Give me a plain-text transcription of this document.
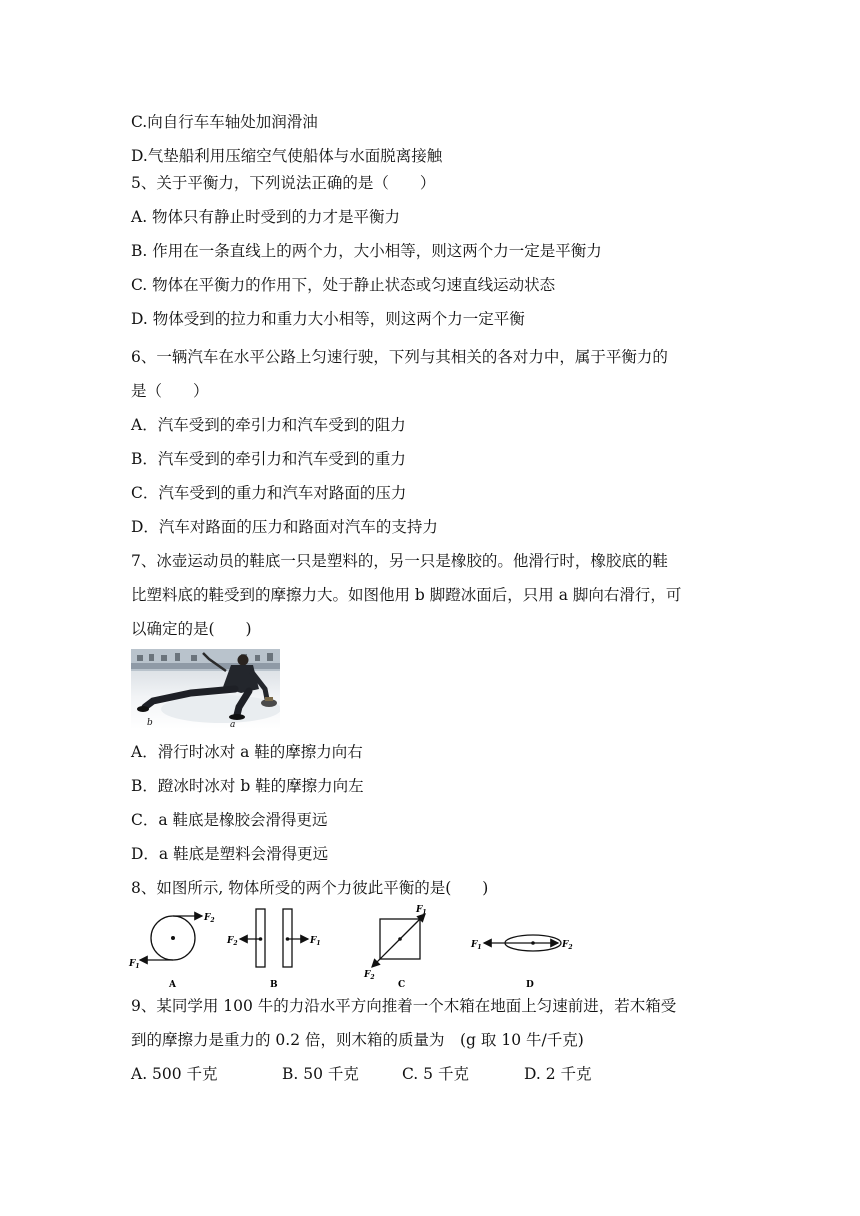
C.向自行车车轴处加润滑油
D.气垫船利用压缩空气使船体与水面脱离接触
5、关于平衡力，下列说法正确的是（　　）
A. 物体只有静止时受到的力才是平衡力
B. 作用在一条直线上的两个力，大小相等，则这两个力一定是平衡力
C. 物体在平衡力的作用下，处于静止状态或匀速直线运动状态
D. 物体受到的拉力和重力大小相等，则这两个力一定平衡
6、一辆汽车在水平公路上匀速行驶，下列与其相关的各对力中，属于平衡力的
是（　　）
A．汽车受到的牵引力和汽车受到的阻力
B．汽车受到的牵引力和汽车受到的重力
C．汽车受到的重力和汽车对路面的压力
D．汽车对路面的压力和路面对汽车的支持力
7、冰壶运动员的鞋底一只是塑料的，另一只是橡胶的。他滑行时，橡胶底的鞋
比塑料底的鞋受到的摩擦力大。如图他用 b 脚蹬冰面后，只用 a 脚向右滑行，可
以确定的是(　　)
A．滑行时冰对 a 鞋的摩擦力向右
B．蹬冰时冰对 b 鞋的摩擦力向左
C．a 鞋底是橡胶会滑得更远
D．a 鞋底是塑料会滑得更远
8、如图所示, 物体所受的两个力彼此平衡的是(　　)
9、某同学用 100 牛的力沿水平方向推着一个木箱在地面上匀速前进，若木箱受
到的摩擦力是重力的 0.2 倍，则木箱的质量为　(g 取 10 牛/千克)
A. 500 千克	B. 50 千克	C. 5 千克	D. 2 千克
b	a
$F_2$
$F_1$
A
$F_2$	$F_1$
B
$F_1$
$F_2$
C
$F_1$	$F_2$
D
